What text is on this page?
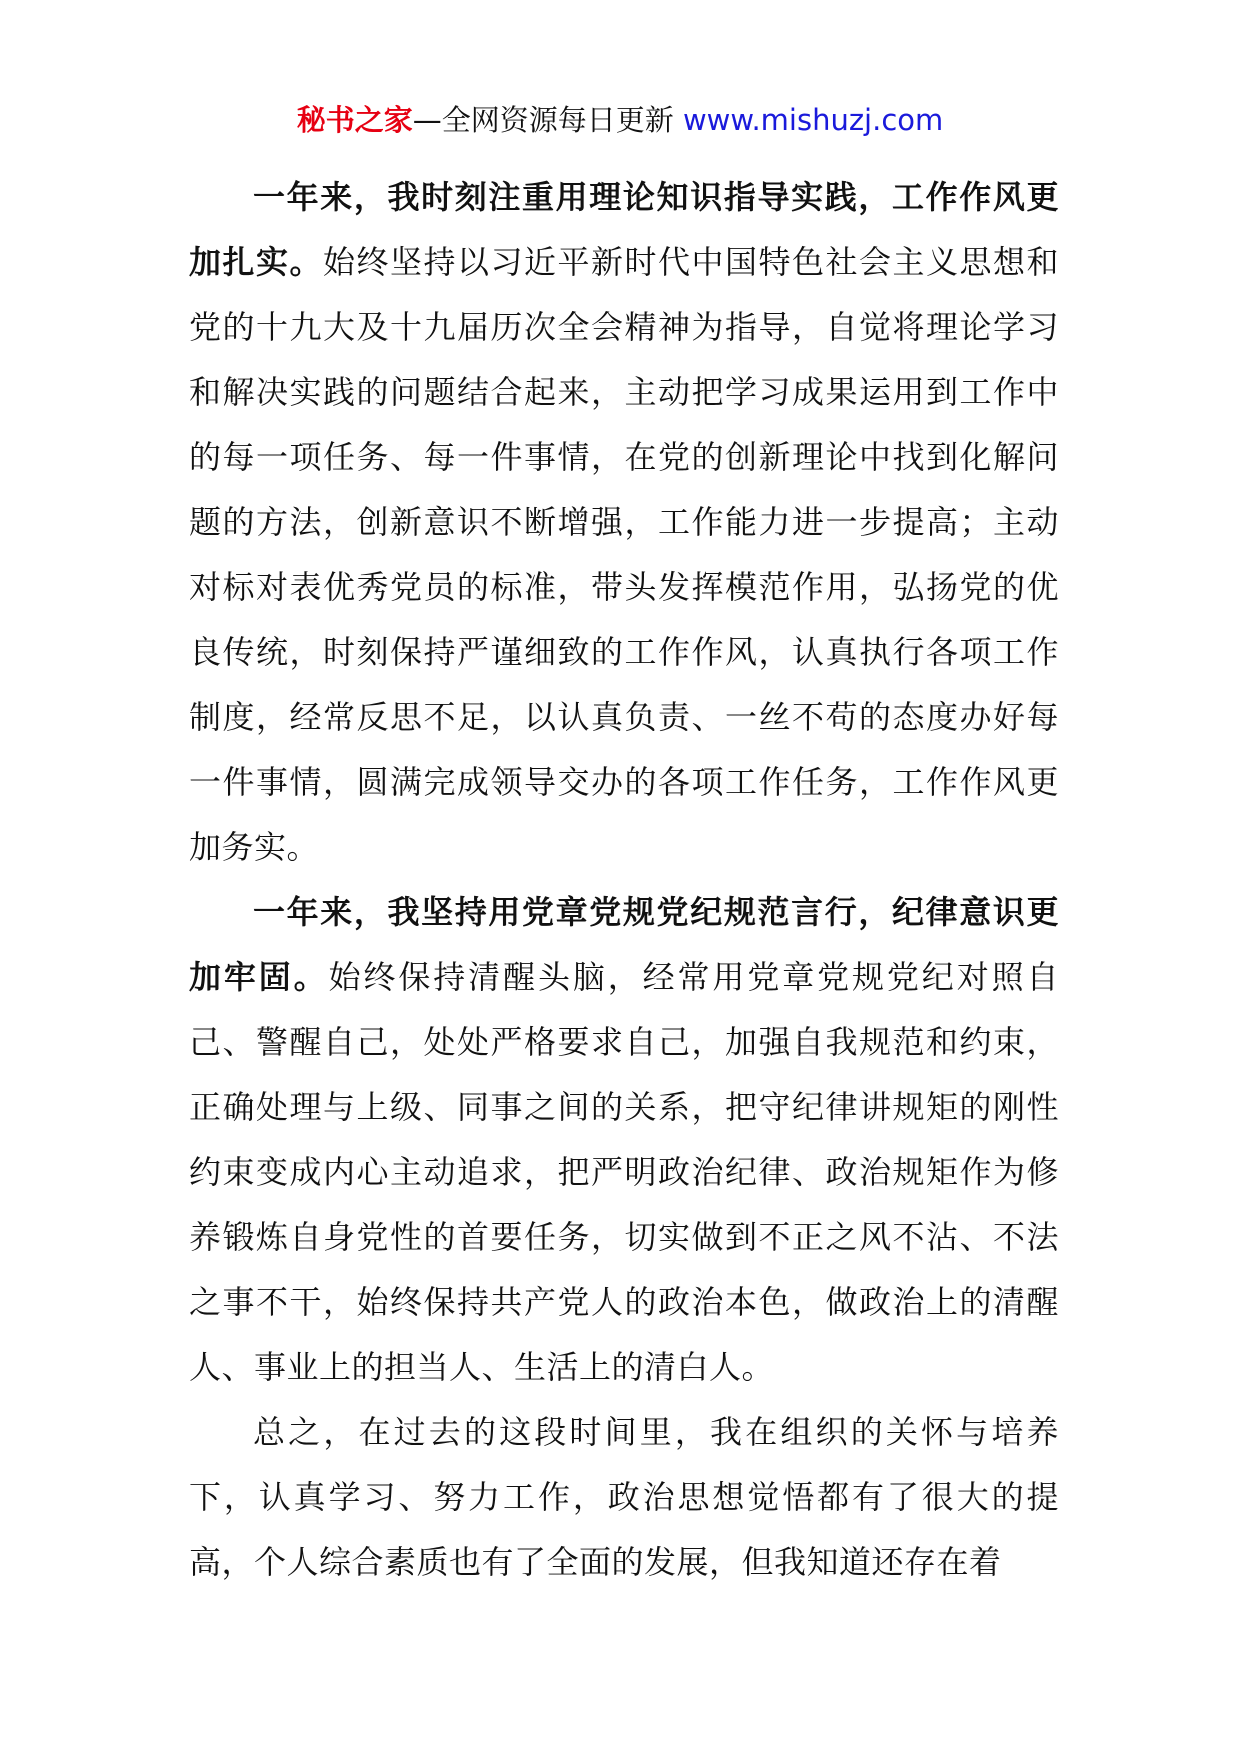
秘书之家—全网资源每日更新 www.mishuzj.com

一年来，我时刻注重用理论知识指导实践，工作作风更加扎实。始终坚持以习近平新时代中国特色社会主义思想和党的十九大及十九届历次全会精神为指导，自觉将理论学习和解决实践的问题结合起来，主动把学习成果运用到工作中的每一项任务、每一件事情，在党的创新理论中找到化解问题的方法，创新意识不断增强，工作能力进一步提高；主动对标对表优秀党员的标准，带头发挥模范作用，弘扬党的优良传统，时刻保持严谨细致的工作作风，认真执行各项工作制度，经常反思不足，以认真负责、一丝不苟的态度办好每一件事情，圆满完成领导交办的各项工作任务，工作作风更加务实。

一年来，我坚持用党章党规党纪规范言行，纪律意识更加牢固。始终保持清醒头脑，经常用党章党规党纪对照自己、警醒自己，处处严格要求自己，加强自我规范和约束，正确处理与上级、同事之间的关系，把守纪律讲规矩的刚性约束变成内心主动追求，把严明政治纪律、政治规矩作为修养锻炼自身党性的首要任务，切实做到不正之风不沾、不法之事不干，始终保持共产党人的政治本色，做政治上的清醒人、事业上的担当人、生活上的清白人。

总之，在过去的这段时间里，我在组织的关怀与培养下，认真学习、努力工作，政治思想觉悟都有了很大的提高，个人综合素质也有了全面的发展，但我知道还存在着
